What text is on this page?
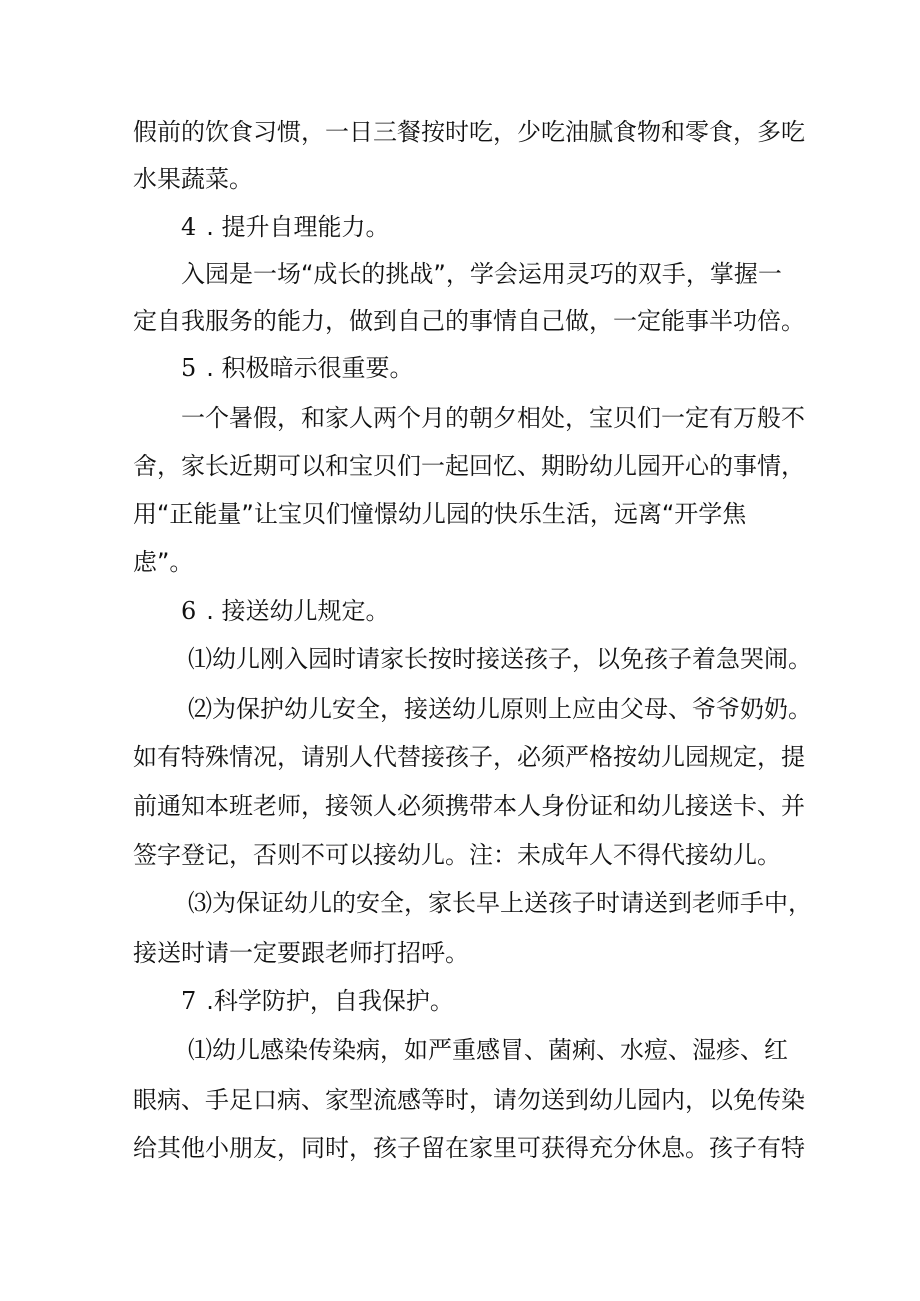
假前的饮食习惯，一日三餐按时吃，少吃油腻食物和零食，多吃
水果蔬菜。
4 . 提升自理能力。
入园是一场“成长的挑战”，学会运用灵巧的双手，掌握一
定自我服务的能力，做到自己的事情自己做，一定能事半功倍。
5 . 积极暗示很重要。
一个暑假，和家人两个月的朝夕相处，宝贝们一定有万般不
舍，家长近期可以和宝贝们一起回忆、期盼幼儿园开心的事情，
用“正能量”让宝贝们憧憬幼儿园的快乐生活，远离“开学焦
虑”。
6 . 接送幼儿规定。
⑴幼儿刚入园时请家长按时接送孩子，以免孩子着急哭闹。
⑵为保护幼儿安全，接送幼儿原则上应由父母、爷爷奶奶。
如有特殊情况，请别人代替接孩子，必须严格按幼儿园规定，提
前通知本班老师，接领人必须携带本人身份证和幼儿接送卡、并
签字登记，否则不可以接幼儿。注：未成年人不得代接幼儿。
⑶为保证幼儿的安全，家长早上送孩子时请送到老师手中，
接送时请一定要跟老师打招呼。
7 .科学防护，自我保护。
⑴幼儿感染传染病，如严重感冒、菌痢、水痘、湿疹、红
眼病、手足口病、家型流感等时，请勿送到幼儿园内，以免传染
给其他小朋友，同时，孩子留在家里可获得充分休息。孩子有特
